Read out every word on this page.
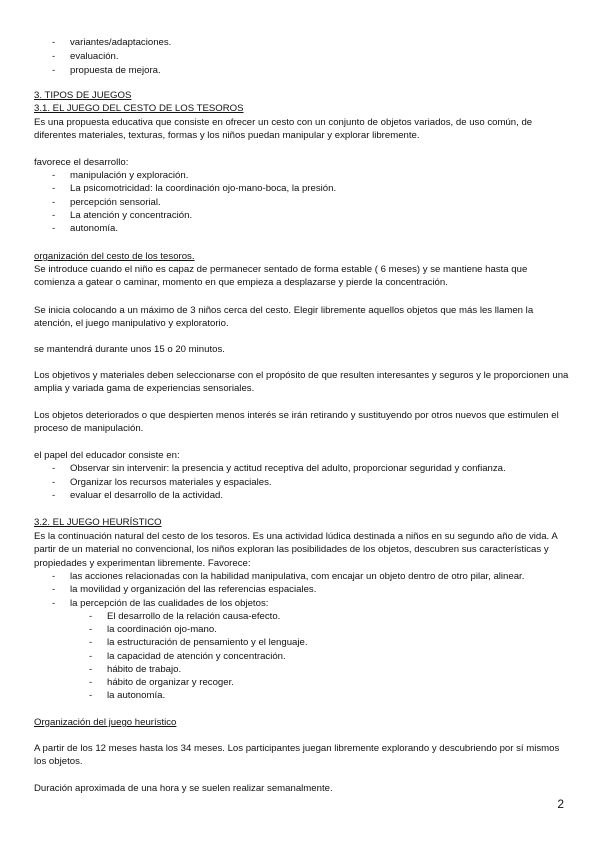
- variantes/adaptaciones.
- evaluación.
- propuesta de mejora.
3. TIPOS DE JUEGOS
3.1. EL JUEGO DEL CESTO DE LOS TESOROS
Es una propuesta educativa que consiste en ofrecer un cesto con un conjunto de objetos variados, de uso común, de diferentes materiales, texturas, formas y los niños puedan manipular y explorar libremente.
favorece el desarrollo:
- manipulación y exploración.
- La psicomotricidad: la coordinación ojo-mano-boca, la presión.
- percepción sensorial.
- La atención y concentración.
- autonomía.
organización del cesto de los tesoros.
Se introduce cuando el niño es capaz de permanecer sentado de forma estable ( 6 meses) y se mantiene hasta que comienza a gatear o caminar, momento en que empieza a desplazarse y pierde la concentración.
Se inicia colocando a un máximo de 3 niños cerca del cesto. Elegir libremente aquellos objetos que más les llamen la atención, el juego manipulativo y exploratorio.
se mantendrá durante unos 15 o 20 minutos.
Los objetivos y materiales deben seleccionarse con el propósito de que resulten interesantes y seguros y le proporcionen una amplia y variada gama de experiencias sensoriales.
Los objetos deteriorados o que despierten menos interés se irán retirando y sustituyendo por otros nuevos que estimulen el proceso de manipulación.
el papel del educador consiste en:
- Observar sin intervenir: la presencia y actitud receptiva del adulto, proporcionar seguridad y confianza.
- Organizar los recursos materiales y espaciales.
- evaluar el desarrollo de la actividad.
3.2. EL JUEGO HEURÍSTICO
Es la continuación natural del cesto de los tesoros. Es una actividad lúdica destinada a niños en su segundo año de vida. A partir de un material no convencional, los niños exploran las posibilidades de los objetos, descubren sus características y propiedades y experimentan libremente. Favorece:
- las acciones relacionadas con la habilidad manipulativa, com encajar un objeto dentro de otro pilar, alinear.
- la movilidad y organización del las referencias espaciales.
- la percepción de las cualidades de los objetos:
- El desarrollo de la relación causa-efecto.
- la coordinación ojo-mano.
- la estructuración de pensamiento y el lenguaje.
- la capacidad de atención y concentración.
- hábito de trabajo.
- hábito de organizar y recoger.
- la autonomía.
Organización del juego heurístico
A partir de los 12 meses hasta los 34 meses. Los participantes juegan libremente explorando y descubriendo por sí mismos los objetos.
Duración aproximada de una hora y se suelen realizar semanalmente.
2
